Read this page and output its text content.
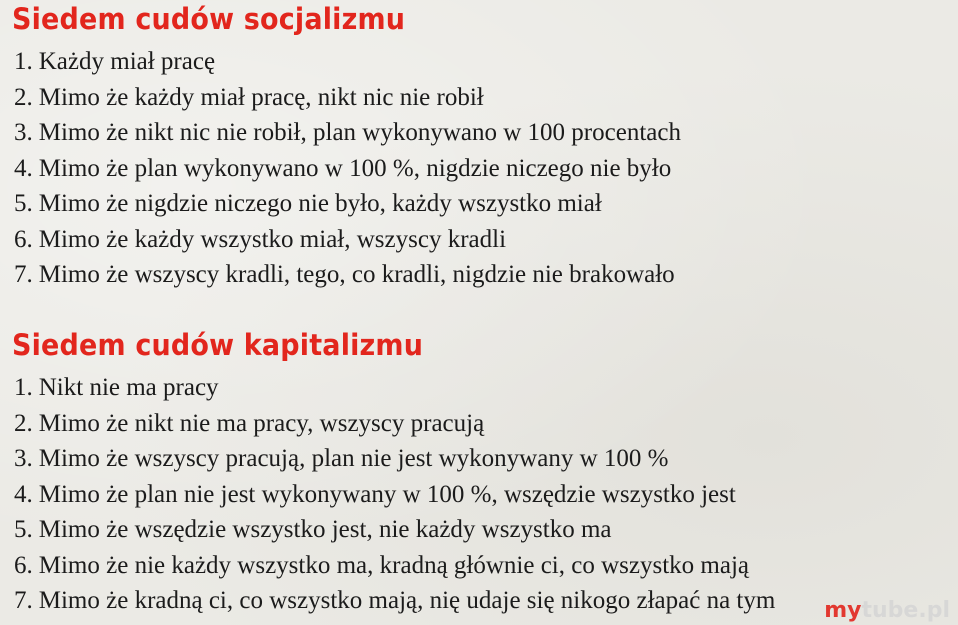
Siedem cudów socjalizmu
1. Każdy miał pracę
2. Mimo że każdy miał pracę, nikt nic nie robił
3. Mimo że nikt nic nie robił, plan wykonywano w 100 procentach
4. Mimo że plan wykonywano w 100 %, nigdzie niczego nie było
5. Mimo że nigdzie niczego nie było, każdy wszystko miał
6. Mimo że każdy wszystko miał, wszyscy kradli
7. Mimo że wszyscy kradli, tego, co kradli, nigdzie nie brakowało
Siedem cudów kapitalizmu
1. Nikt nie ma pracy
2. Mimo że nikt nie ma pracy, wszyscy pracują
3. Mimo że wszyscy pracują, plan nie jest wykonywany w 100 %
4. Mimo że plan nie jest wykonywany w 100 %, wszędzie wszystko jest
5. Mimo że wszędzie wszystko jest, nie każdy wszystko ma
6. Mimo że nie każdy wszystko ma, kradną głównie ci, co wszystko mają
7. Mimo że kradną ci, co wszystko mają, nię udaje się nikogo złapać na tym mytube.pl
